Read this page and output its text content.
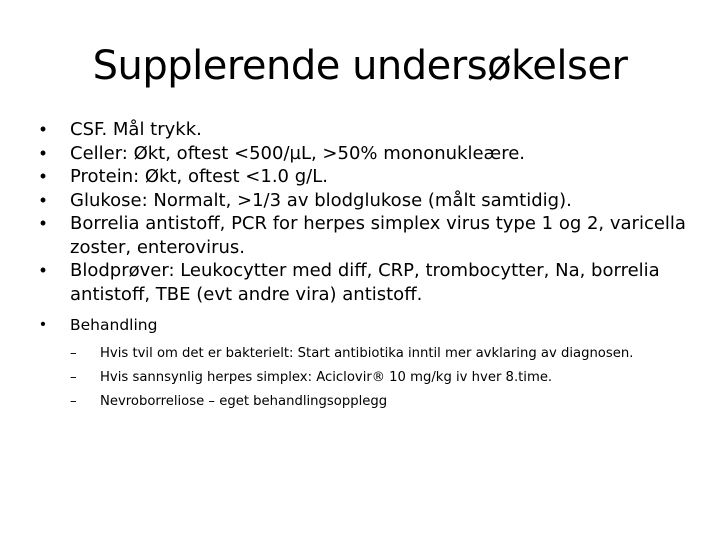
Supplerende undersøkelser
• CSF. Mål trykk.
• Celler: Økt, oftest <500/µL, >50% mononukleære.
• Protein: Økt, oftest <1.0 g/L.
• Glukose: Normalt, >1/3 av blodglukose (målt samtidig).
• Borrelia antistoff, PCR for herpes simplex virus type 1 og 2, varicella zoster, enterovirus.
• Blodprøver: Leukocytter med diff, CRP, trombocytter, Na, borrelia antistoff, TBE (evt andre vira) antistoff.
• Behandling
– Hvis tvil om det er bakterielt: Start antibiotika inntil mer avklaring av diagnosen.
– Hvis sannsynlig herpes simplex: Aciclovir® 10 mg/kg iv hver 8.time.
– Nevroborreliose – eget behandlingsopplegg
